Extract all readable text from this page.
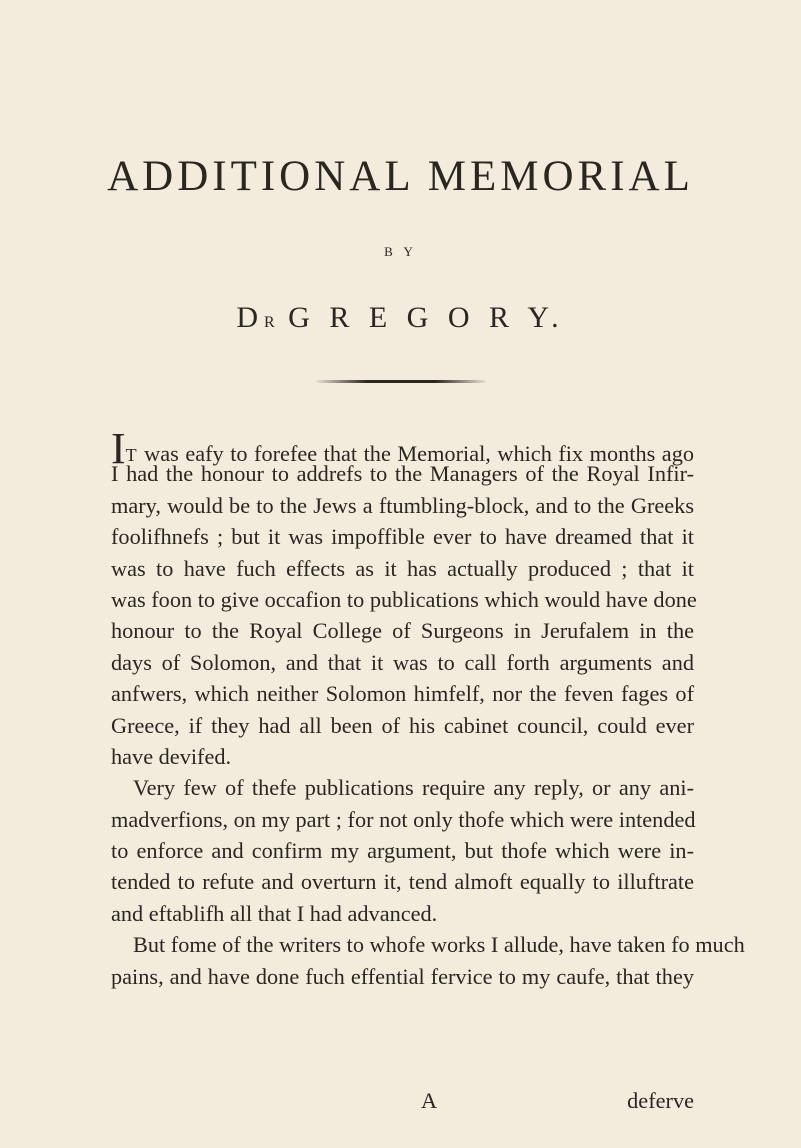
ADDITIONAL MEMORIAL
B Y
DR G R E G O R Y.
IT was eafy to forefee that the Memorial, which fix months ago
I had the honour to addrefs to the Managers of the Royal Infir-
mary, would be to the Jews a ftumbling-block, and to the Greeks
foolifhnefs ; but it was impoffible ever to have dreamed that it
was to have fuch effects as it has actually produced ; that it
was foon to give occafion to publications which would have done
honour to the Royal College of Surgeons in Jerufalem in the
days of Solomon, and that it was to call forth arguments and
anfwers, which neither Solomon himfelf, nor the feven fages of
Greece, if they had all been of his cabinet council, could ever
have devifed.
Very few of thefe publications require any reply, or any ani-
madverfions, on my part ; for not only thofe which were intended
to enforce and confirm my argument, but thofe which were in-
tended to refute and overturn it, tend almoft equally to illuftrate
and eftablifh all that I had advanced.
But fome of the writers to whofe works I allude, have taken fo much
pains, and have done fuch effential fervice to my caufe, that they
A	deferve
